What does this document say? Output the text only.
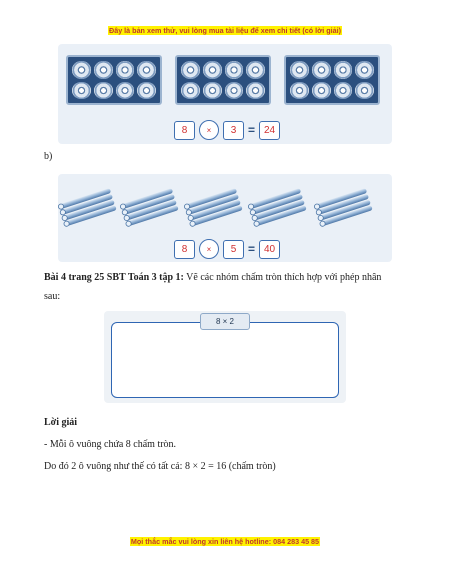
Đây là bản xem thử, vui lòng mua tài liệu để xem chi tiết (có lời giải)
8	×	3 = 24
b)
8	×	5 = 40
Bài 4 trang 25 SBT Toán 3 tập 1: Vẽ các nhóm chấm tròn thích hợp với phép nhân
sau:
8 × 2
Lời giải
- Mỗi ô vuông chứa 8 chấm tròn.
Do đó 2 ô vuông như thế có tất cả: 8 × 2 = 16 (chấm tròn)
Mọi thắc mắc vui lòng xin liên hệ hotline: 084 283 45 85
